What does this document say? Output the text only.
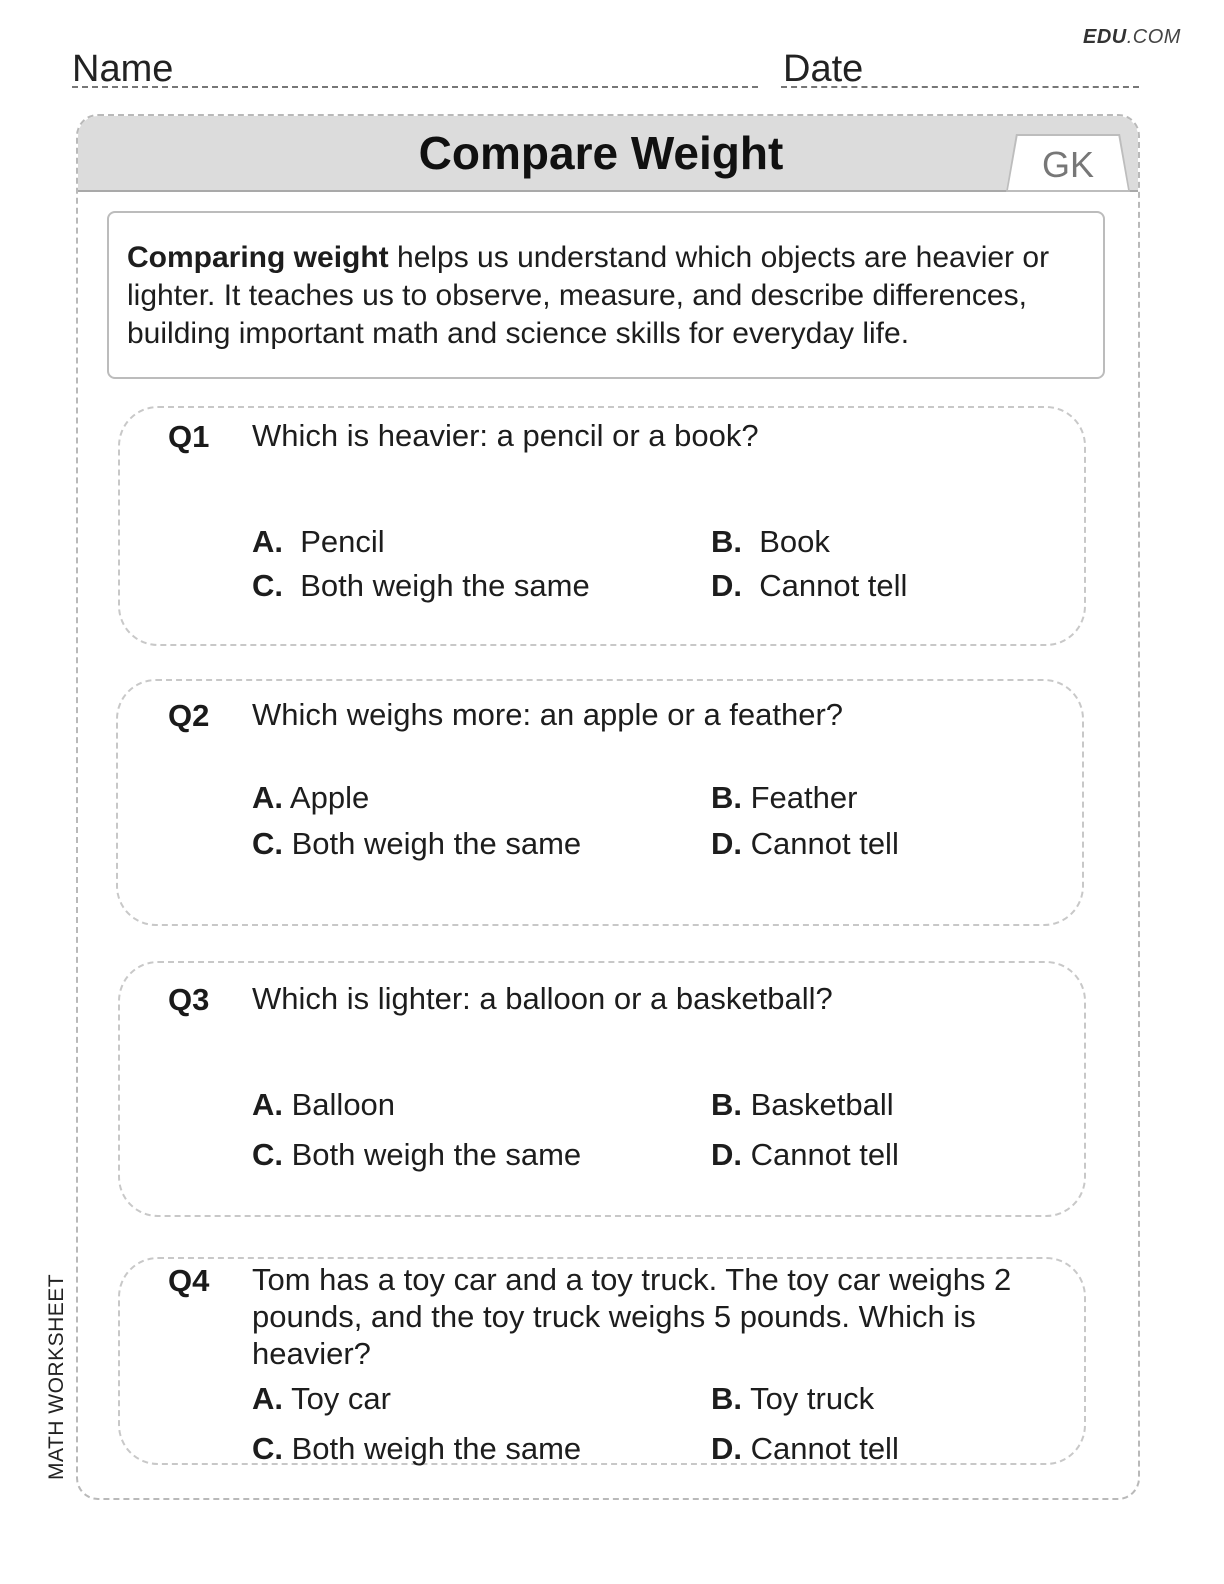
EDU.COM
Name	Date
Compare Weight	GK
Comparing weight helps us understand which objects are heavier or lighter. It teaches us to observe, measure, and describe differences, building important math and science skills for everyday life.
Q1 Which is heavier: a pencil or a book?
A. Pencil	B. Book
C. Both weigh the same	D. Cannot tell
Q2 Which weighs more: an apple or a feather?
A. Apple	B. Feather
C. Both weigh the same	D. Cannot tell
Q3 Which is lighter: a balloon or a basketball?
A. Balloon	B. Basketball
C. Both weigh the same	D. Cannot tell
Q4 Tom has a toy car and a toy truck. The toy car weighs 2 pounds, and the toy truck weighs 5 pounds. Which is heavier?
A. Toy car	B. Toy truck
C. Both weigh the same	D. Cannot tell
MATH WORKSHEET
